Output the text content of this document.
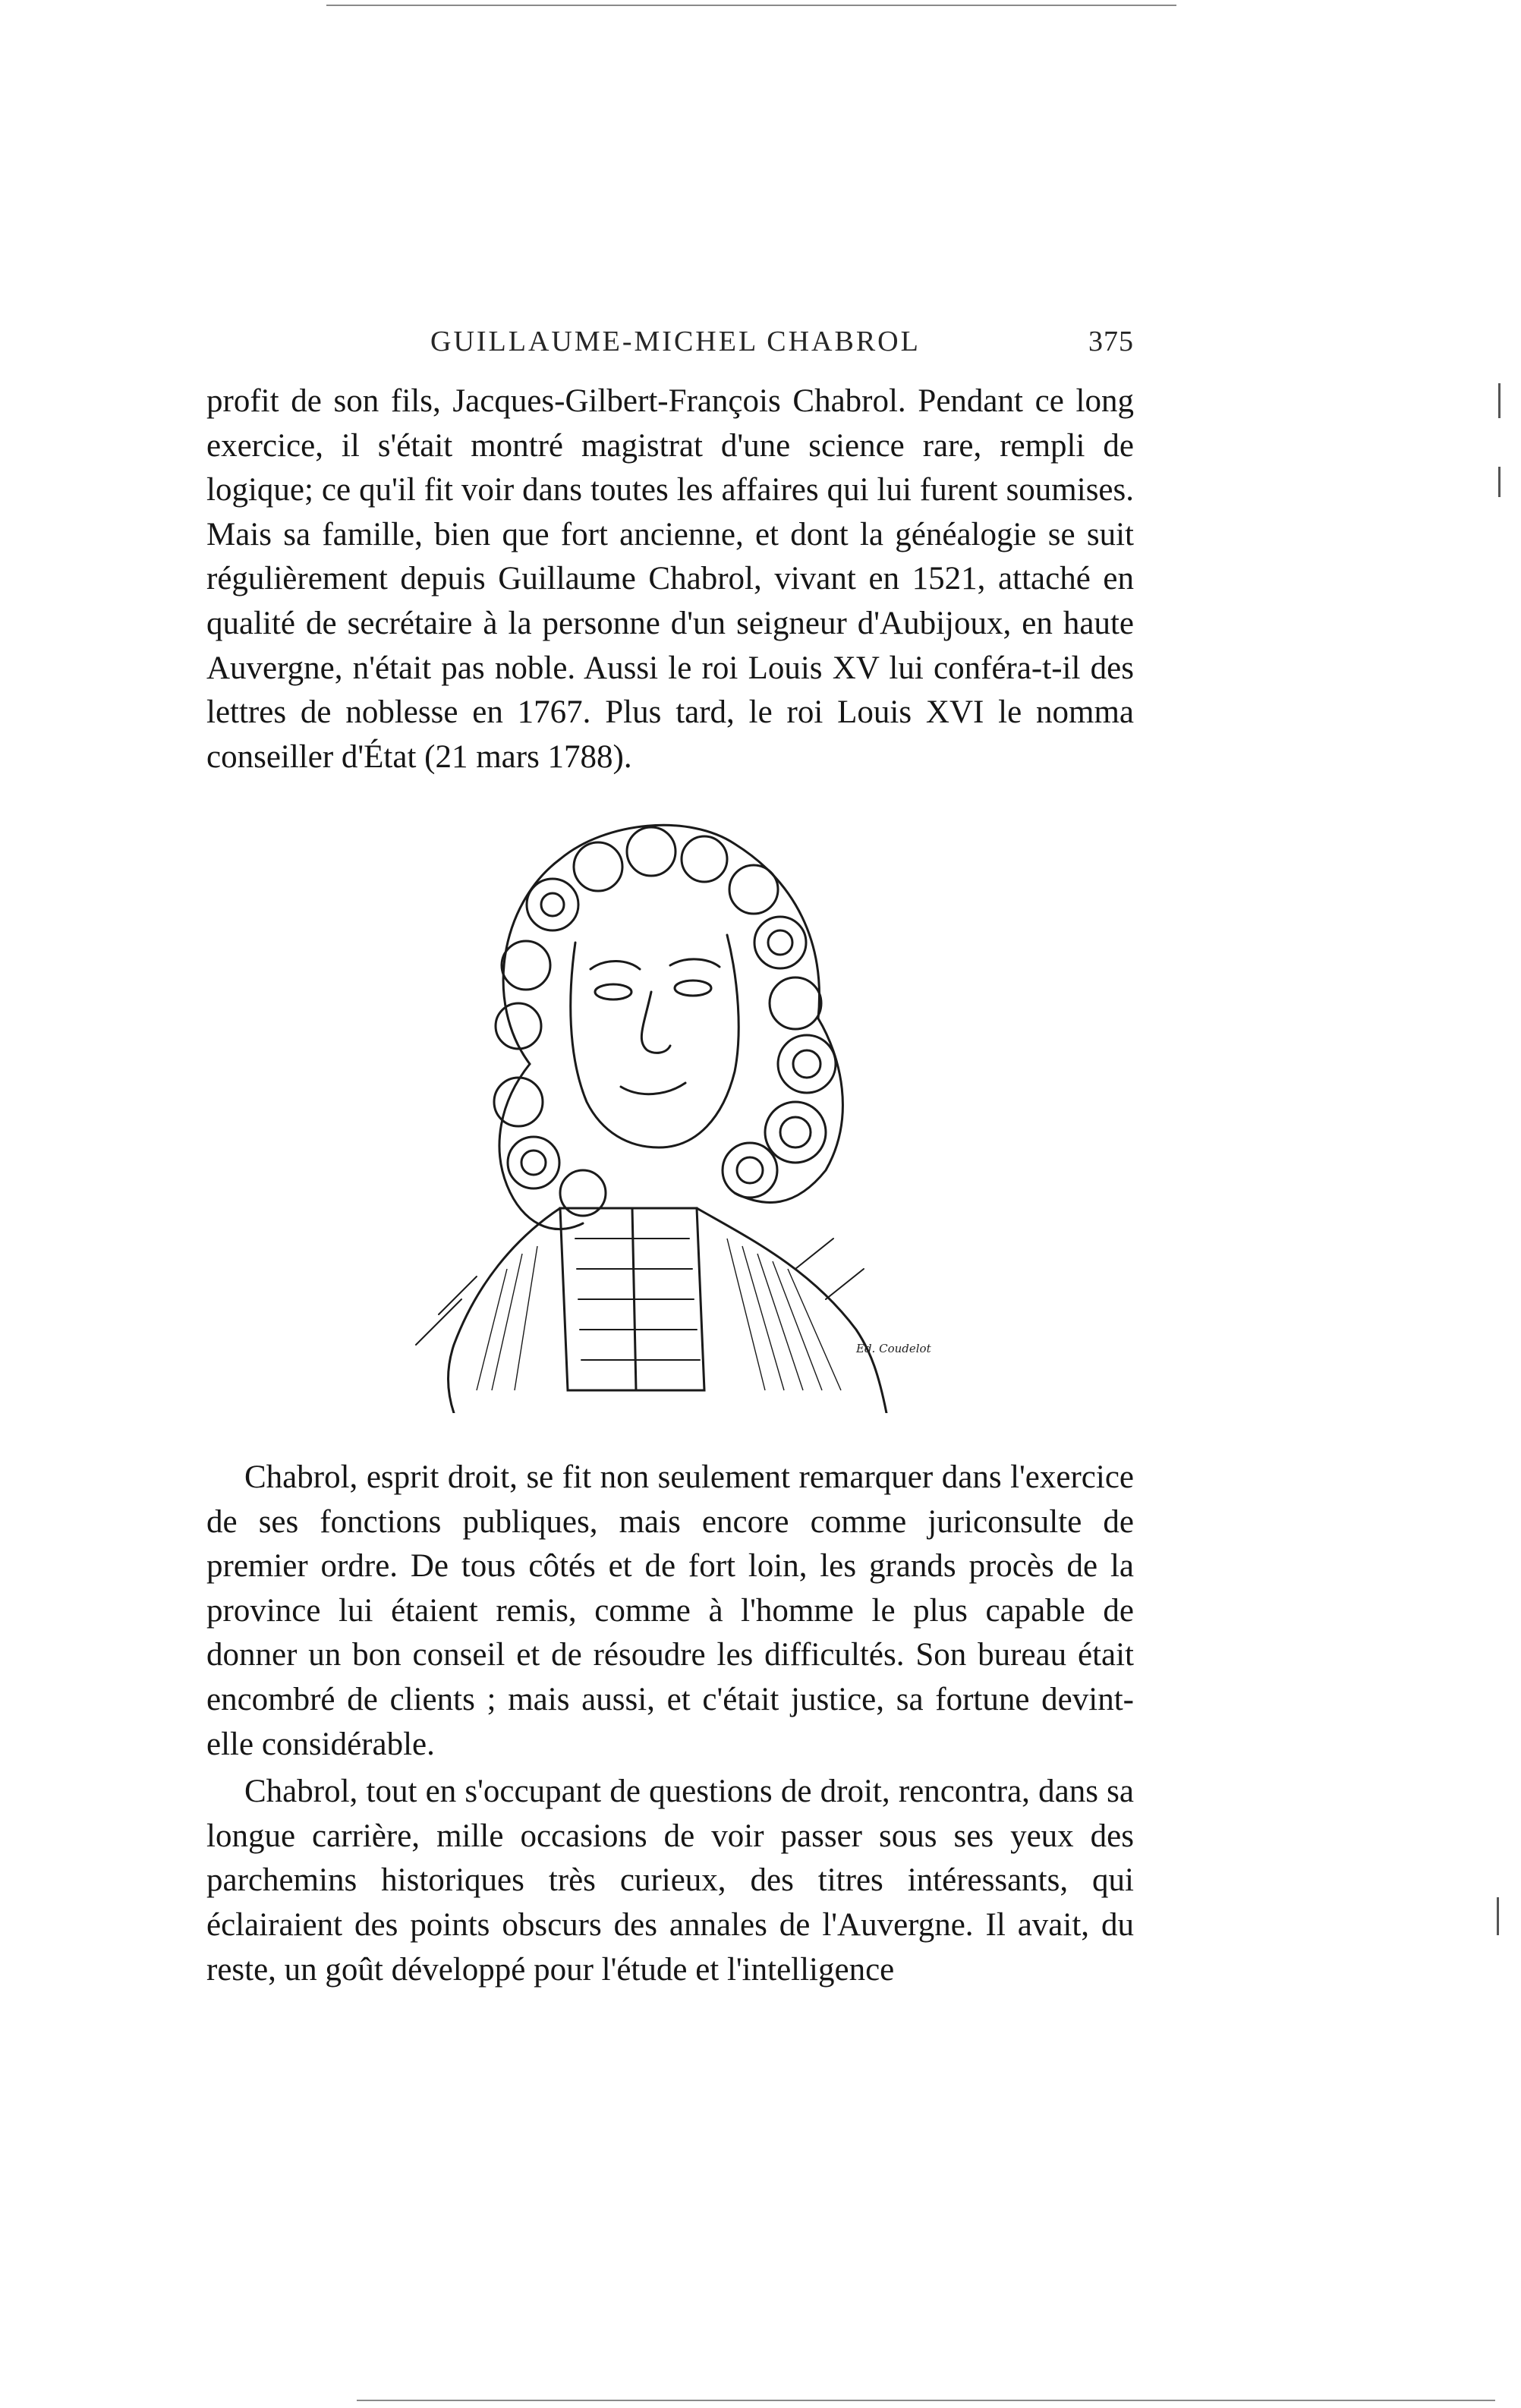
GUILLAUME-MICHEL CHABROL	375

profit de son fils, Jacques-Gilbert-François Chabrol. Pendant ce long exercice, il s'était montré magistrat d'une science rare, rempli de logique; ce qu'il fit voir dans toutes les affaires qui lui furent soumises. Mais sa famille, bien que fort ancienne, et dont la généalogie se suit régulièrement depuis Guillaume Chabrol, vivant en 1521, attaché en qualité de secrétaire à la personne d'un seigneur d'Aubijoux, en haute Auvergne, n'était pas noble. Aussi le roi Louis XV lui conféra-t-il des lettres de noblesse en 1767. Plus tard, le roi Louis XVI le nomma conseiller d'État (21 mars 1788).

Ed. Coudelot

Chabrol, esprit droit, se fit non seulement remarquer dans l'exercice de ses fonctions publiques, mais encore comme juriconsulte de premier ordre. De tous côtés et de fort loin, les grands procès de la province lui étaient remis, comme à l'homme le plus capable de donner un bon conseil et de résoudre les difficultés. Son bureau était encombré de clients ; mais aussi, et c'était justice, sa fortune devint-elle considérable.

Chabrol, tout en s'occupant de questions de droit, rencontra, dans sa longue carrière, mille occasions de voir passer sous ses yeux des parchemins historiques très curieux, des titres intéressants, qui éclairaient des points obscurs des annales de l'Auvergne. Il avait, du reste, un goût développé pour l'étude et l'intelligence
